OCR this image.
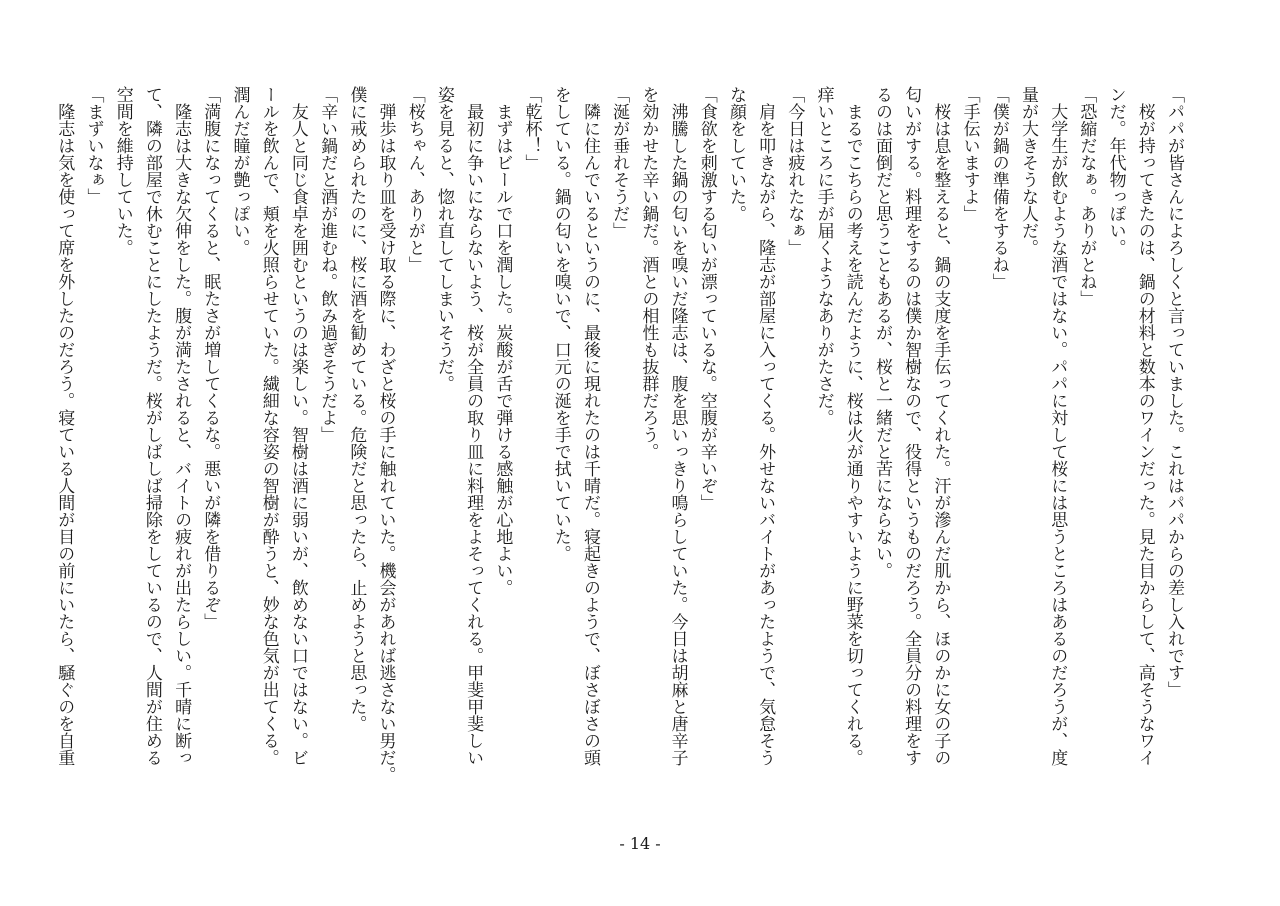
「パパが皆さんによろしくと言っていました。これはパパからの差し入れです」
　桜が持ってきたのは、鍋の材料と数本のワインだった。見た目からして、高そうなワイ
ンだ。年代物っぽい。
「恐縮だなぁ。ありがとね」
　大学生が飲むような酒ではない。パパに対して桜には思うところはあるのだろうが、度
量が大きそうな人だ。
「僕が鍋の準備をするね」
「手伝いますよ」
　桜は息を整えると、鍋の支度を手伝ってくれた。汗が滲んだ肌から、ほのかに女の子の
匂いがする。料理をするのは僕か智樹なので、役得というものだろう。全員分の料理をす
るのは面倒だと思うこともあるが、桜と一緒だと苦にならない。
　まるでこちらの考えを読んだように、桜は火が通りやすいように野菜を切ってくれる。
痒いところに手が届くようなありがたさだ。
「今日は疲れたなぁ」
　肩を叩きながら、隆志が部屋に入ってくる。外せないバイトがあったようで、気怠そう
な顔をしていた。
「食欲を刺激する匂いが漂っているな。空腹が辛いぞ」
　沸騰した鍋の匂いを嗅いだ隆志は、腹を思いっきり鳴らしていた。今日は胡麻と唐辛子
を効かせた辛い鍋だ。酒との相性も抜群だろう。
「涎が垂れそうだ」
　隣に住んでいるというのに、最後に現れたのは千晴だ。寝起きのようで、ぼさぼさの頭
をしている。鍋の匂いを嗅いで、口元の涎を手で拭いていた。
「乾杯！」
　まずはビールで口を潤した。炭酸が舌で弾ける感触が心地よい。
　最初に争いにならないよう、桜が全員の取り皿に料理をよそってくれる。甲斐甲斐しい
姿を見ると、惚れ直してしまいそうだ。
「桜ちゃん、ありがと」
　弾歩は取り皿を受け取る際に、わざと桜の手に触れていた。機会があれば逃さない男だ。
僕に戒められたのに、桜に酒を勧めている。危険だと思ったら、止めようと思った。
「辛い鍋だと酒が進むね。飲み過ぎそうだよ」
　友人と同じ食卓を囲むというのは楽しい。智樹は酒に弱いが、飲めない口ではない。ビ
ールを飲んで、頬を火照らせていた。繊細な容姿の智樹が酔うと、妙な色気が出てくる。
潤んだ瞳が艶っぽい。
「満腹になってくると、眠たさが増してくるな。悪いが隣を借りるぞ」
　隆志は大きな欠伸をした。腹が満たされると、バイトの疲れが出たらしい。千晴に断っ
て、隣の部屋で休むことにしたようだ。桜がしばしば掃除をしているので、人間が住める
空間を維持していた。
「まずいなぁ」
　隆志は気を使って席を外したのだろう。寝ている人間が目の前にいたら、騒ぐのを自重
- 14 -
